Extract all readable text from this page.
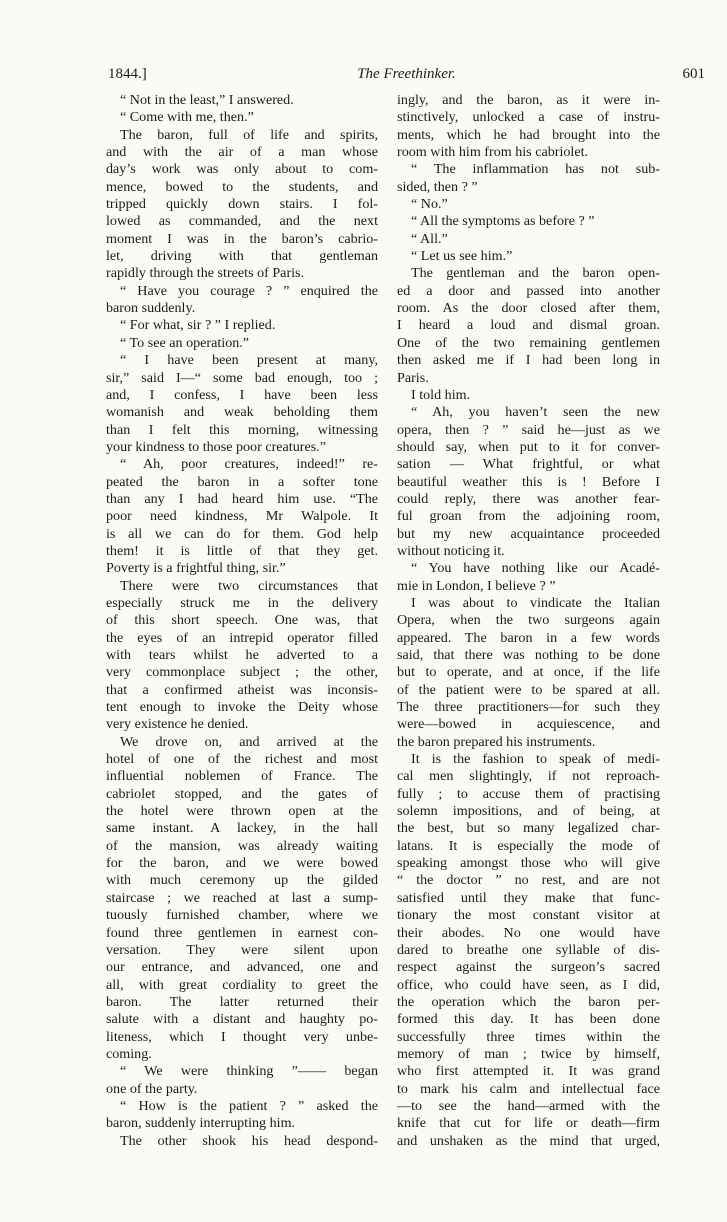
1844.]	The Freethinker.	601
“ Not in the least,” I answered.
“ Come with me, then.”
The baron, full of life and spirits,
and with the air of a man whose
day’s work was only about to com-
mence, bowed to the students, and
tripped quickly down stairs. I fol-
lowed as commanded, and the next
moment I was in the baron’s cabrio-
let, driving with that gentleman
rapidly through the streets of Paris.
“ Have you courage ? ” enquired the
baron suddenly.
“ For what, sir ? ” I replied.
“ To see an operation.”
“ I have been present at many,
sir,” said I—“ some bad enough, too ;
and, I confess, I have been less
womanish and weak beholding them
than I felt this morning, witnessing
your kindness to those poor creatures.”
“ Ah, poor creatures, indeed!” re-
peated the baron in a softer tone
than any I had heard him use. “The
poor need kindness, Mr Walpole. It
is all we can do for them. God help
them! it is little of that they get.
Poverty is a frightful thing, sir.”
There were two circumstances that
especially struck me in the delivery
of this short speech. One was, that
the eyes of an intrepid operator filled
with tears whilst he adverted to a
very commonplace subject ; the other,
that a confirmed atheist was inconsis-
tent enough to invoke the Deity whose
very existence he denied.
We drove on, and arrived at the
hotel of one of the richest and most
influential noblemen of France. The
cabriolet stopped, and the gates of
the hotel were thrown open at the
same instant. A lackey, in the hall
of the mansion, was already waiting
for the baron, and we were bowed
with much ceremony up the gilded
staircase ; we reached at last a sump-
tuously furnished chamber, where we
found three gentlemen in earnest con-
versation. They were silent upon
our entrance, and advanced, one and
all, with great cordiality to greet the
baron. The latter returned their
salute with a distant and haughty po-
liteness, which I thought very unbe-
coming.
“ We were thinking ”—— began
one of the party.
“ How is the patient ? ” asked the
baron, suddenly interrupting him.
The other shook his head despond-
ingly, and the baron, as it were in-
stinctively, unlocked a case of instru-
ments, which he had brought into the
room with him from his cabriolet.
“ The inflammation has not sub-
sided, then ? ”
“ No.”
“ All the symptoms as before ? ”
“ All.”
“ Let us see him.”
The gentleman and the baron open-
ed a door and passed into another
room. As the door closed after them,
I heard a loud and dismal groan.
One of the two remaining gentlemen
then asked me if I had been long in
Paris.
I told him.
“ Ah, you haven’t seen the new
opera, then ? ” said he—just as we
should say, when put to it for conver-
sation — What frightful, or what
beautiful weather this is ! Before I
could reply, there was another fear-
ful groan from the adjoining room,
but my new acquaintance proceeded
without noticing it.
“ You have nothing like our Acadé-
mie in London, I believe ? ”
I was about to vindicate the Italian
Opera, when the two surgeons again
appeared. The baron in a few words
said, that there was nothing to be done
but to operate, and at once, if the life
of the patient were to be spared at all.
The three practitioners—for such they
were—bowed in acquiescence, and
the baron prepared his instruments.
It is the fashion to speak of medi-
cal men slightingly, if not reproach-
fully ; to accuse them of practising
solemn impositions, and of being, at
the best, but so many legalized char-
latans. It is especially the mode of
speaking amongst those who will give
“ the doctor ” no rest, and are not
satisfied until they make that func-
tionary the most constant visitor at
their abodes. No one would have
dared to breathe one syllable of dis-
respect against the surgeon’s sacred
office, who could have seen, as I did,
the operation which the baron per-
formed this day. It has been done
successfully three times within the
memory of man ; twice by himself,
who first attempted it. It was grand
to mark his calm and intellectual face
—to see the hand—armed with the
knife that cut for life or death—firm
and unshaken as the mind that urged,
